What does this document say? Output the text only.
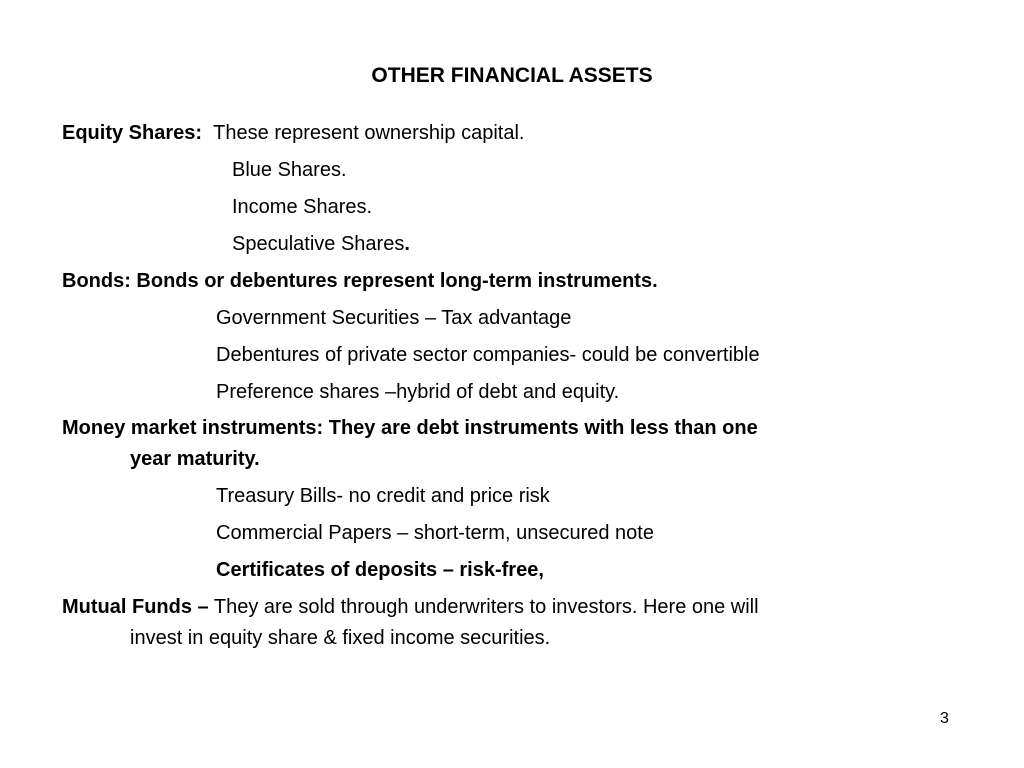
OTHER FINANCIAL ASSETS
Equity Shares: These represent ownership capital.
Blue Shares.
Income Shares.
Speculative Shares.
Bonds: Bonds or debentures represent long-term instruments.
Government Securities – Tax advantage
Debentures of private sector companies- could be convertible
Preference shares –hybrid of debt and equity.
Money market instruments: They are debt instruments with less than one
year maturity.
Treasury Bills- no credit and price risk
Commercial Papers – short-term, unsecured note
Certificates of deposits – risk-free,
Mutual Funds – They are sold through underwriters to investors. Here one will
invest in equity share & fixed income securities.
3
